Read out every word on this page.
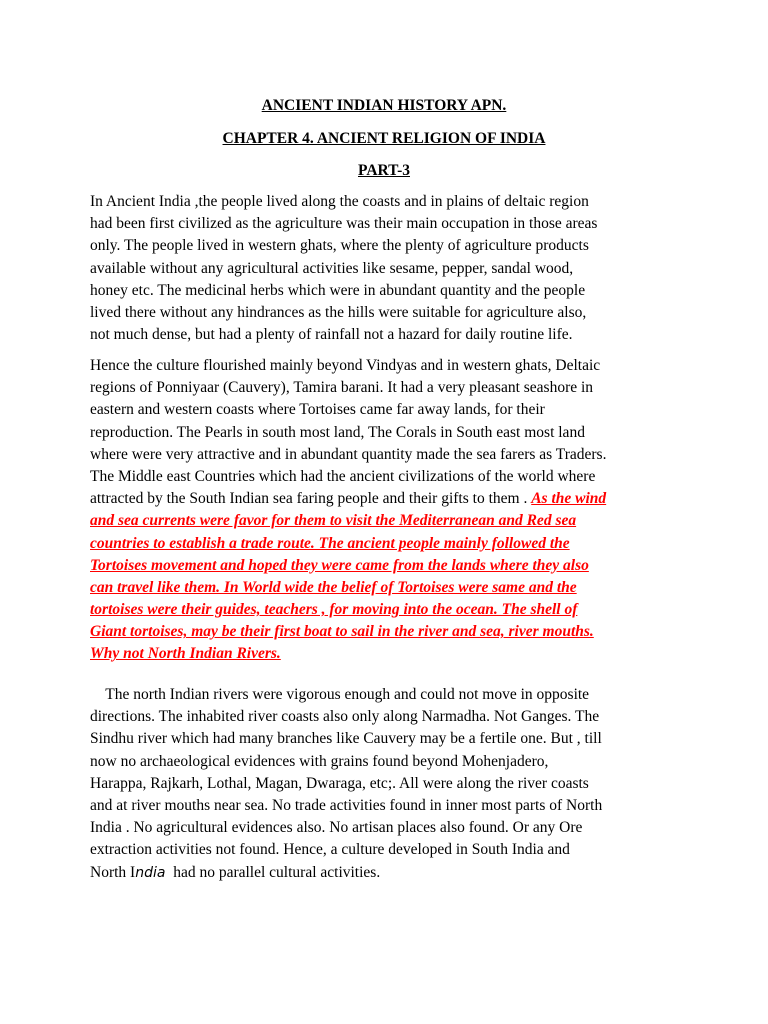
ANCIENT INDIAN HISTORY APN.
CHAPTER 4. ANCIENT RELIGION OF INDIA
PART-3
In Ancient India ,the people lived along the coasts and in plains of deltaic region
had been first civilized as the agriculture was their main occupation in those areas
only. The people lived in western ghats, where the plenty of agriculture products
available without any agricultural activities like sesame, pepper, sandal wood,
honey etc. The medicinal herbs which were in abundant quantity and the people
lived there without any hindrances as the hills were suitable for agriculture also,
not much dense, but had a plenty of rainfall not a hazard for daily routine life.
Hence the culture flourished mainly beyond Vindyas and in western ghats, Deltaic
regions of Ponniyaar (Cauvery), Tamira barani. It had a very pleasant seashore in
eastern and western coasts where Tortoises came far away lands, for their
reproduction. The Pearls in south most land, The Corals in South east most land
where were very attractive and in abundant quantity made the sea farers as Traders.
The Middle east Countries which had the ancient civilizations of the world where
attracted by the South Indian sea faring people and their gifts to them . As the wind
and sea currents were favor for them to visit the Mediterranean and Red sea
countries to establish a trade route. The ancient people mainly followed the
Tortoises movement and hoped they were came from the lands where they also
can travel like them. In World wide the belief of Tortoises were same and the
tortoises were their guides, teachers , for moving into the ocean. The shell of
Giant tortoises, may be their first boat to sail in the river and sea, river mouths.
Why not North Indian Rivers.
The north Indian rivers were vigorous enough and could not move in opposite
directions. The inhabited river coasts also only along Narmadha. Not Ganges. The
Sindhu river which had many branches like Cauvery may be a fertile one. But , till
now no archaeological evidences with grains found beyond Mohenjadero,
Harappa, Rajkarh, Lothal, Magan, Dwaraga, etc;. All were along the river coasts
and at river mouths near sea. No trade activities found in inner most parts of North
India . No agricultural evidences also. No artisan places also found. Or any Ore
extraction activities not found. Hence, a culture developed in South India and
North India  had no parallel cultural activities.
